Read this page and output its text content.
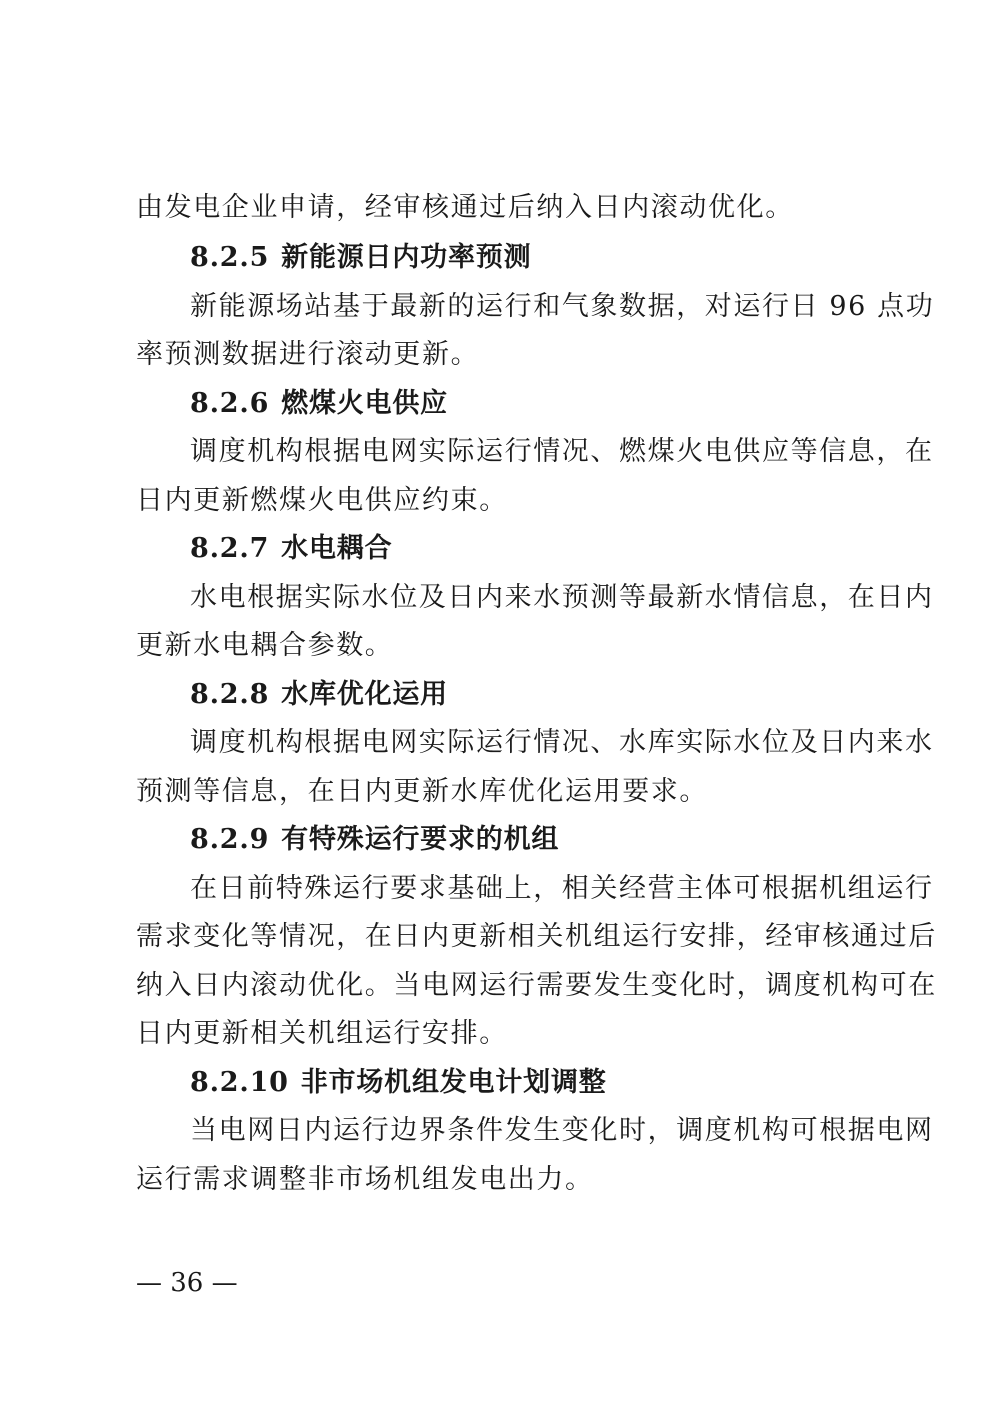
由发电企业申请，经审核通过后纳入日内滚动优化。
8.2.5 新能源日内功率预测
新能源场站基于最新的运行和气象数据，对运行日 96 点功
率预测数据进行滚动更新。
8.2.6 燃煤火电供应
调度机构根据电网实际运行情况、燃煤火电供应等信息，在
日内更新燃煤火电供应约束。
8.2.7 水电耦合
水电根据实际水位及日内来水预测等最新水情信息，在日内
更新水电耦合参数。
8.2.8 水库优化运用
调度机构根据电网实际运行情况、水库实际水位及日内来水
预测等信息，在日内更新水库优化运用要求。
8.2.9 有特殊运行要求的机组
在日前特殊运行要求基础上，相关经营主体可根据机组运行
需求变化等情况，在日内更新相关机组运行安排，经审核通过后
纳入日内滚动优化。当电网运行需要发生变化时，调度机构可在
日内更新相关机组运行安排。
8.2.10 非市场机组发电计划调整
当电网日内运行边界条件发生变化时，调度机构可根据电网
运行需求调整非市场机组发电出力。
— 36 —
